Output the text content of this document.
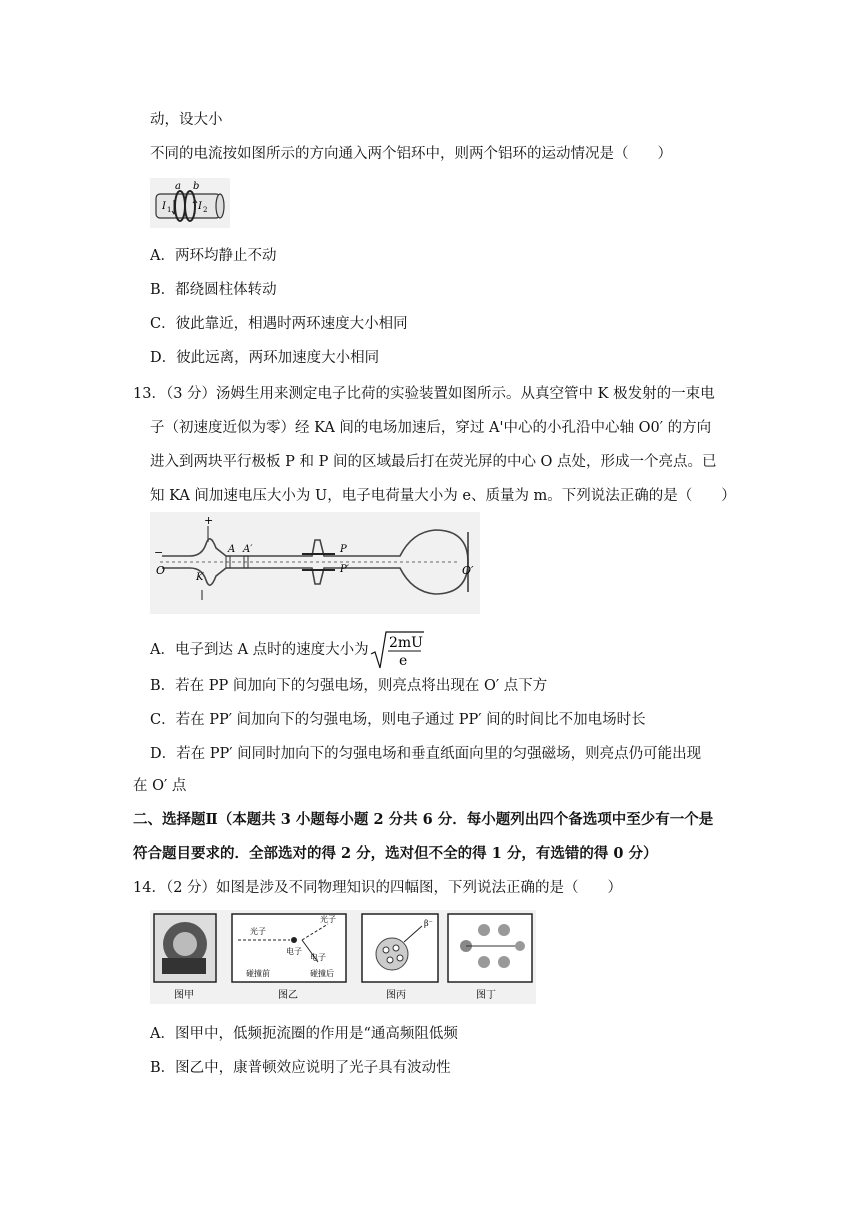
动，设大小
不同的电流按如图所示的方向通入两个铝环中，则两个铝环的运动情况是（　　）
a b
I 1	I 2
A．两环均静止不动
B．都绕圆柱体转动
C．彼此靠近，相遇时两环速度大小相同
D．彼此远离，两环加速度大小相同
13．（3 分）汤姆生用来测定电子比荷的实验装置如图所示。从真空管中 K 极发射的一束电
子（初速度近似为零）经 KA 间的电场加速后，穿过 A'中心的小孔沿中心轴 O0′ 的方向
进入到两块平行极板 P 和 P 间的区域最后打在荧光屏的中心 O 点处，形成一个亮点。已
知 KA 间加速电压大小为 U，电子电荷量大小为 e、质量为 m。下列说法正确的是（　　）
+
−
O
K
A A′	P
P′	O′
A．电子到达 A 点时的速度大小为 2mU
e
B．若在 PP 间加向下的匀强电场，则亮点将出现在 O′ 点下方
C．若在 PP′ 间加向下的匀强电场，则电子通过 PP′ 间的时间比不加电场时长
D．若在 PP′ 间同时加向下的匀强电场和垂直纸面向里的匀强磁场，则亮点仍可能出现
在 O′ 点
二、选择题Ⅱ（本题共 3 小题每小题 2 分共 6 分．每小题列出四个备选项中至少有一个是
符合题目要求的．全部选对的得 2 分，选对但不全的得 1 分，有选错的得 0 分）
14．（2 分）如图是涉及不同物理知识的四幅图，下列说法正确的是（　　）
图甲
光子
光子
电子
电子
碰撞前	碰撞后
图乙
β⁻
图丙	图丁
A．图甲中，低频扼流圈的作用是“通高频阻低频
B．图乙中，康普顿效应说明了光子具有波动性
